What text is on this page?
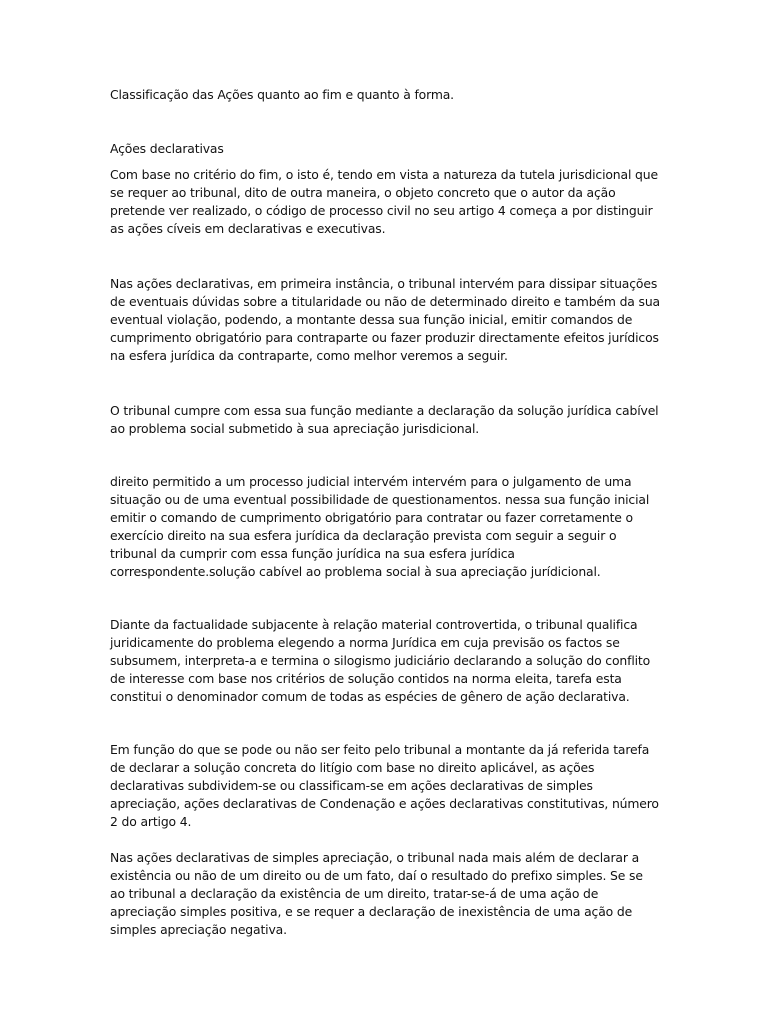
Classificação das Ações quanto ao fim e quanto à forma.
Ações declarativas
Com base no critério do fim, o isto é, tendo em vista a natureza da tutela jurisdicional que se requer ao tribunal, dito de outra maneira, o objeto concreto que o autor da ação pretende ver realizado, o código de processo civil no seu artigo 4 começa a por distinguir as ações cíveis em declarativas e executivas.
Nas ações declarativas, em primeira instância, o tribunal intervém para dissipar situações de eventuais dúvidas sobre a titularidade ou não de determinado direito e também da sua eventual violação, podendo, a montante dessa sua função inicial, emitir comandos de cumprimento obrigatório para contraparte ou fazer produzir directamente efeitos jurídicos na esfera jurídica da contraparte, como melhor veremos a seguir.
O tribunal cumpre com essa sua função mediante a declaração da solução jurídica cabível ao problema social submetido à sua apreciação jurisdicional.
direito permitido a um processo judicial intervém intervém para o julgamento de uma situação ou de uma eventual possibilidade de questionamentos. nessa sua função inicial emitir o comando de cumprimento obrigatório para contratar ou fazer corretamente o exercício direito na sua esfera jurídica da declaração prevista com seguir a seguir o tribunal da cumprir com essa função jurídica na sua esfera jurídica correspondente.solução cabível ao problema social à sua apreciação jurídicional.
Diante da factualidade subjacente à relação material controvertida, o tribunal qualifica juridicamente do problema elegendo a norma Jurídica em cuja previsão os factos se subsumem, interpreta-a e termina o silogismo judiciário declarando a solução do conflito de interesse com base nos critérios de solução contidos na norma eleita, tarefa esta constitui o denominador comum de todas as espécies de gênero de ação declarativa.
Em função do que se pode ou não ser feito pelo tribunal a montante da já referida tarefa de declarar a solução concreta do litígio com base no direito aplicável, as ações declarativas subdividem-se ou classificam-se em ações declarativas de simples apreciação, ações declarativas de Condenação e ações declarativas constitutivas, número 2 do artigo 4.
Nas ações declarativas de simples apreciação, o tribunal nada mais além de declarar a existência ou não de um direito ou de um fato, daí o resultado do prefixo simples. Se se ao tribunal a declaração da existência de um direito, tratar-se-á de uma ação de apreciação simples positiva, e se requer a declaração de inexistência de uma ação de simples apreciação negativa.
